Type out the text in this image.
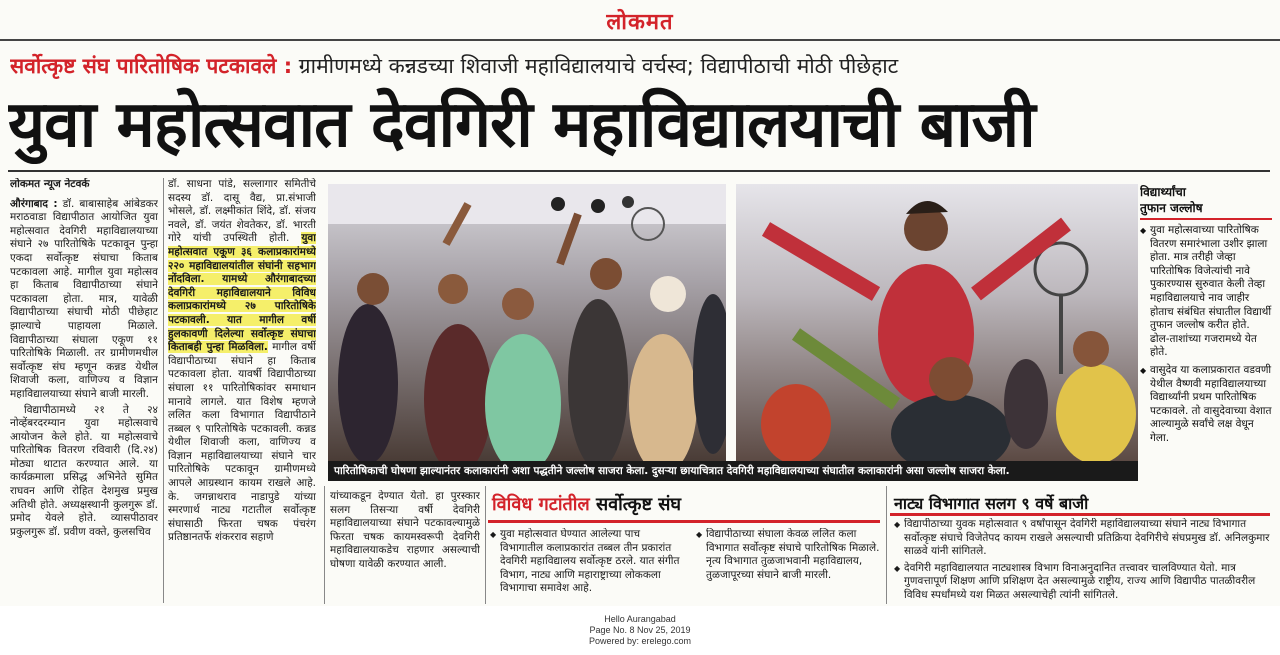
लोकमत
सर्वोत्कृष्ट संघ पारितोषिक पटकावले : ग्रामीणमध्ये कन्नडच्या शिवाजी महाविद्यालयाचे वर्चस्व; विद्यापीठाची मोठी पीछेहाट
युवा महोत्सवात देवगिरी महाविद्यालयाची बाजी
लोकमत न्यूज नेटवर्क

औरंगाबाद : डॉ. बाबासाहेब आंबेडकर मराठवाडा विद्यापीठात आयोजित युवा महोत्सवात देवगिरी महाविद्यालयाच्या संघाने २७ पारितोषिके पटकावून पुन्हा एकदा सर्वोत्कृष्ट संघाचा किताब पटकावला आहे. मागील युवा महोत्सव हा किताब विद्यापीठाच्या संघाने पटकावला होता. मात्र, यावेळी विद्यापीठाच्या संघाची मोठी पीछेहाट झाल्याचे पाहायला मिळाले. विद्यापीठाच्या संघाला एकूण ११ पारितोषिके मिळाली. तर ग्रामीणमधील सर्वोत्कृष्ट संघ म्हणून कन्नड येथील शिवाजी कला, वाणिज्य व विज्ञान महाविद्यालयाच्या संघाने बाजी मारली.

विद्यापीठामध्ये २१ ते २४ नोव्हेंबरदरम्यान युवा महोत्सवाचे आयोजन केले होते. या महोत्सवाचे पारितोषिक वितरण रविवारी (दि.२४) मोठ्या थाटात करण्यात आले. या कार्यक्रमाला प्रसिद्ध अभिनेते सुमित राघवन आणि रोहित देशमुख प्रमुख अतिथी होते. अध्यक्षस्थानी कुलगुरू डॉ. प्रमोद येवले होते. व्यासपीठावर प्रकुलगुरू डॉ. प्रवीण वक्ते, कुलसचिव

डॉ. साधना पांडे, सल्लागार समितीचे सदस्य डॉ. दासू वैद्य, प्रा.संभाजी भोसले, डॉ. लक्ष्मीकांत शिंदे, डॉ. संजय नवले, डॉ. जयंत शेवतेकर, डॉ. भारती गोरे यांची उपस्थिती होती. युवा महोत्सवात एकूण ३६ कलाप्रकारांमध्ये २२० महाविद्यालयांतील संघांनी सहभाग नोंदविला. यामध्ये औरंगाबादच्या देवगिरी महाविद्यालयाने विविध कलाप्रकारांमध्ये २७ पारितोषिके पटकावली. यात मागील वर्षी हुलकावणी दिलेल्या सर्वोत्कृष्ट संघाचा किताबही पुन्हा मिळविला. मागील वर्षी विद्यापीठाच्या संघाने हा किताब पटकावला होता. यावर्षी विद्यापीठाच्या संघाला ११ पारितोषिकांवर समाधान मानावे लागले. यात विशेष म्हणजे ललित कला विभागात विद्यापीठाने तब्बल ९ पारितोषिके पटकावली. कन्नड येथील शिवाजी कला, वाणिज्य व विज्ञान महाविद्यालयाच्या संघाने चार पारितोषिके पटकावून ग्रामीणमध्ये आपले आग्रस्थान कायम राखले आहे. के. जगन्नाथराव नाडापुडे यांच्या स्मरणार्थ नाट्य गटातील सर्वोत्कृष्ट संघासाठी फिरता चषक पंचरंग प्रतिष्ठानतर्फे शंकरराव सहाणे

पारितोषिकाची घोषणा झाल्यानंतर कलाकारांनी अशा पद्धतीने जल्लोष साजरा केला. दुसऱ्या छायाचित्रात देवगिरी महाविद्यालयाच्या संघातील कलाकारांनी असा जल्लोष साजरा केला.
विद्यार्थ्यांचा
तुफान जल्लोष
◆ युवा महोत्सवाच्या पारितोषिक वितरण समारंभाला उशीर झाला होता. मात्र तरीही जेव्हा पारितोषिक विजेत्यांची नावे पुकारण्यास सुरुवात केली तेव्हा महाविद्यालयाचे नाव जाहीर होताच संबंधित संघातील विद्यार्थी तुफान जल्लोष करीत होते. ढोल-ताशांच्या गजरामध्ये येत होते.
◆ वासुदेव या कलाप्रकारात वडवणी येथील वैष्णवी महाविद्यालयाच्या विद्यार्थ्यांनी प्रथम पारितोषिक पटकावले. तो वासुदेवाच्या वेशात आल्यामुळे सर्वांचे लक्ष वेधून गेला.
यांच्याकडून देण्यात येतो. हा पुरस्कार सलग तिसऱ्या वर्षी देवगिरी महाविद्यालयाच्या संघाने पटकावल्यामुळे फिरता चषक कायमस्वरूपी देवगिरी महाविद्यालयाकडेच राहणार असल्याची घोषणा यावेळी करण्यात आली.
विविध गटांतील सर्वोत्कृष्ट संघ
◆ युवा महोत्सवात घेण्यात आलेल्या पाच विभागातील कलाप्रकारांत तब्बल तीन प्रकारांत देवगिरी महाविद्यालय सर्वोत्कृष्ट ठरले. यात संगीत विभाग, नाट्य आणि महाराष्ट्राच्या लोककला विभागाचा समावेश आहे.
◆ विद्यापीठाच्या संघाला केवळ ललित कला विभागात सर्वोत्कृष्ट संघाचे पारितोषिक मिळाले. नृत्य विभागात तुळजाभवानी महाविद्यालय, तुळजापूरच्या संघाने बाजी मारली.
नाट्य विभागात सलग ९ वर्षे बाजी
◆ विद्यापीठाच्या युवक महोत्सवात ९ वर्षांपासून देवगिरी महाविद्यालयाच्या संघाने नाट्य विभागात सर्वोत्कृष्ट संघाचे विजेतेपद कायम राखले असल्याची प्रतिक्रिया देवगिरीचे संघप्रमुख डॉ. अनिलकुमार साळवे यांनी सांगितले.
◆ देवगिरी महाविद्यालयात नाट्यशास्त्र विभाग विनाअनुदानित तत्त्वावर चालविण्यात येतो. मात्र गुणवत्तापूर्ण शिक्षण आणि प्रशिक्षण देत असल्यामुळे राष्ट्रीय, राज्य आणि विद्यापीठ पातळीवरील विविध स्पर्धांमध्ये यश मिळत असल्याचेही त्यांनी सांगितले.
Hello Aurangabad
Page No. 8 Nov 25, 2019
Powered by: erelego.com
